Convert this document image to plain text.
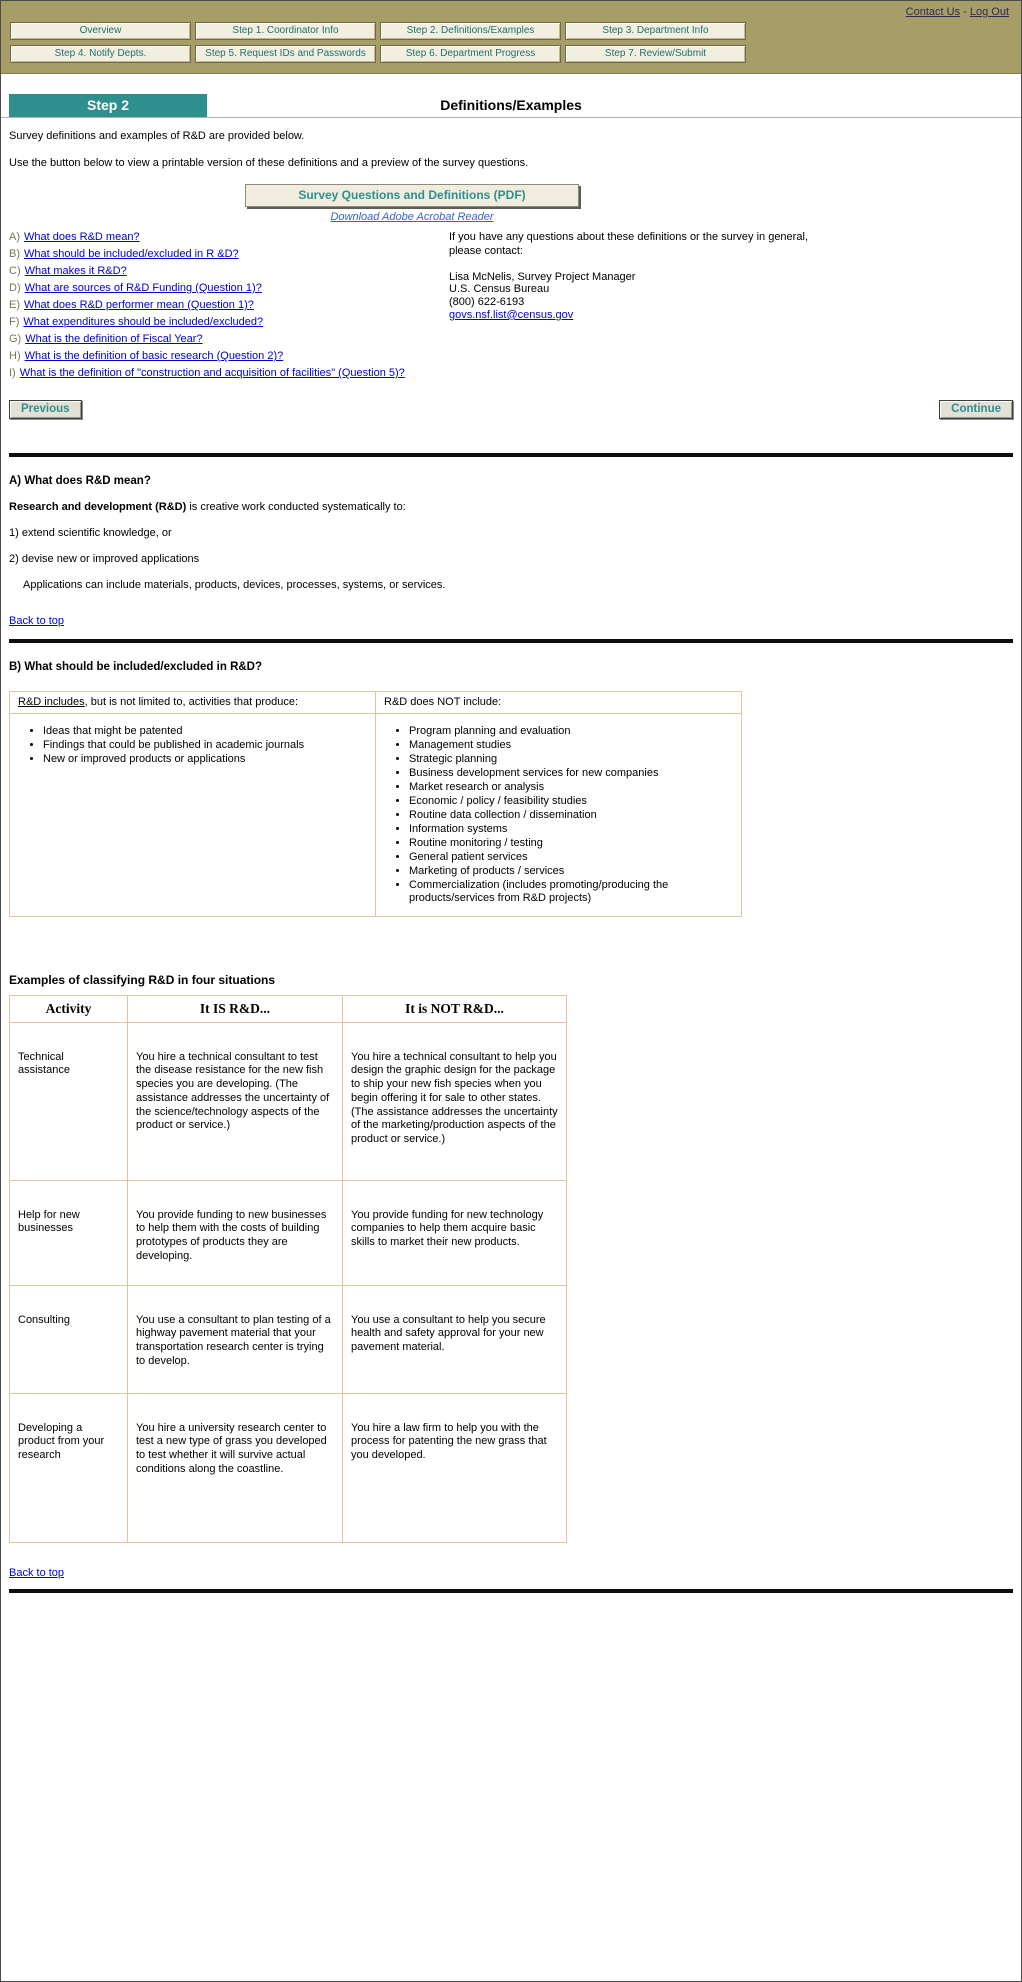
Contact Us - Log Out
Overview	Step 1. Coordinator Info	Step 2. Definitions/Examples	Step 3. Department Info
Step 4. Notify Depts.	Step 5. Request IDs and Passwords	Step 6. Department Progress	Step 7. Review/Submit
Step 2	Definitions/Examples

Survey definitions and examples of R&D are provided below.

Use the button below to view a printable version of these definitions and a preview of the survey questions.

Survey Questions and Definitions (PDF)
Download Adobe Acrobat Reader
A) What does R&D mean?
B) What should be included/excluded in R &D?
C) What makes it R&D?
D) What are sources of R&D Funding (Question 1)?
E) What does R&D performer mean (Question 1)?
F) What expenditures should be included/excluded?
G) What is the definition of Fiscal Year?
H) What is the definition of basic research (Question 2)?
I) What is the definition of "construction and acquisition of facilities" (Question 5)?

If you have any questions about these definitions or the survey in general, please contact:

Lisa McNelis, Survey Project Manager
U.S. Census Bureau
(800) 622-6193
govs.nsf.list@census.gov
Previous	Continue
A) What does R&D mean?

Research and development (R&D) is creative work conducted systematically to:

1) extend scientific knowledge, or

2) devise new or improved applications

Applications can include materials, products, devices, processes, systems, or services.

Back to top
B) What should be included/excluded in R&D?
R&D includes, but is not limited to, activities that produce:	R&D does NOT include:

• Ideas that might be patented
• Findings that could be published in academic journals
• New or improved products or applications

• Program planning and evaluation
• Management studies
• Strategic planning
• Business development services for new companies
• Market research or analysis
• Economic / policy / feasibility studies
• Routine data collection / dissemination
• Information systems
• Routine monitoring / testing
• General patient services
• Marketing of products / services
• Commercialization (includes promoting/producing the products/services from R&D projects)
Examples of classifying R&D in four situations
Activity	It IS R&D...	It is NOT R&D...
Technical assistance	You hire a technical consultant to test the disease resistance for the new fish species you are developing. (The assistance addresses the uncertainty of the science/technology aspects of the product or service.)	You hire a technical consultant to help you design the graphic design for the package to ship your new fish species when you begin offering it for sale to other states. (The assistance addresses the uncertainty of the marketing/production aspects of the product or service.)
Help for new businesses	You provide funding to new businesses to help them with the costs of building prototypes of products they are developing.	You provide funding for new technology companies to help them acquire basic skills to market their new products.
Consulting	You use a consultant to plan testing of a highway pavement material that your transportation research center is trying to develop.	You use a consultant to help you secure health and safety approval for your new pavement material.
Developing a product from your research	You hire a university research center to test a new type of grass you developed to test whether it will survive actual conditions along the coastline.	You hire a law firm to help you with the process for patenting the new grass that you developed.

Back to top
